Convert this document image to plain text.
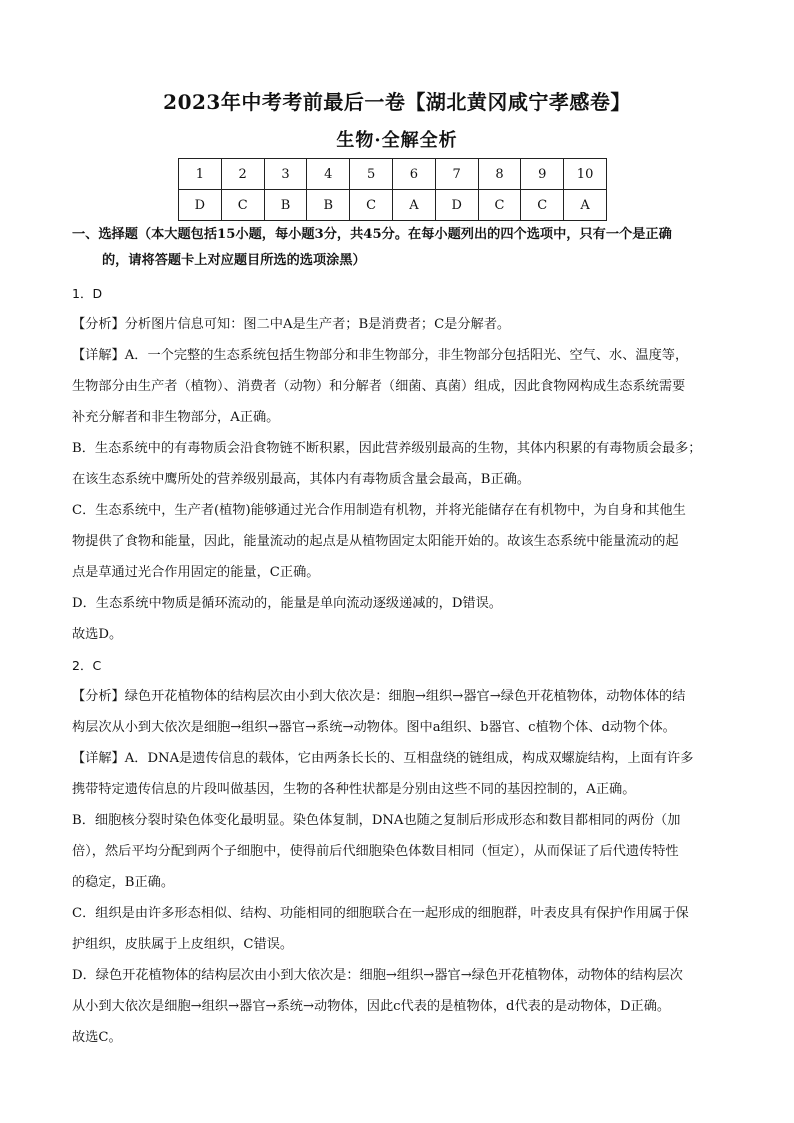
2023年中考考前最后一卷【湖北黄冈咸宁孝感卷】
生物·全解全析
1	2	3	4	5	6	7	8	9	10
D	C	B	B	C	A	D	C	C	A

一、选择题（本大题包括15小题，每小题3分，共45分。在每小题列出的四个选项中，只有一个是正确
的，请将答题卡上对应题目所选的选项涂黑）

1．D

【分析】分析图片信息可知：图二中A是生产者；B是消费者；C是分解者。

【详解】A．一个完整的生态系统包括生物部分和非生物部分，非生物部分包括阳光、空气、水、温度等，

生物部分由生产者（植物）、消费者（动物）和分解者（细菌、真菌）组成，因此食物网构成生态系统需要

补充分解者和非生物部分，A正确。

B．生态系统中的有毒物质会沿食物链不断积累，因此营养级别最高的生物，其体内积累的有毒物质会最多；

在该生态系统中鹰所处的营养级别最高，其体内有毒物质含量会最高，B正确。

C．生态系统中，生产者(植物)能够通过光合作用制造有机物，并将光能储存在有机物中，为自身和其他生

物提供了食物和能量，因此，能量流动的起点是从植物固定太阳能开始的。故该生态系统中能量流动的起

点是草通过光合作用固定的能量，C正确。

D．生态系统中物质是循环流动的，能量是单向流动逐级递减的，D错误。

故选D。

2．C

【分析】绿色开花植物体的结构层次由小到大依次是：细胞→组织→器官→绿色开花植物体，动物体体的结

构层次从小到大依次是细胞→组织→器官→系统→动物体。图中a组织、b器官、c植物个体、d动物个体。

【详解】A．DNA是遗传信息的载体，它由两条长长的、互相盘绕的链组成，构成双螺旋结构，上面有许多

携带特定遗传信息的片段叫做基因，生物的各种性状都是分别由这些不同的基因控制的，A正确。

B．细胞核分裂时染色体变化最明显。染色体复制，DNA也随之复制后形成形态和数目都相同的两份（加

倍），然后平均分配到两个子细胞中，使得前后代细胞染色体数目相同（恒定），从而保证了后代遗传特性

的稳定，B正确。

C．组织是由许多形态相似、结构、功能相同的细胞联合在一起形成的细胞群，叶表皮具有保护作用属于保

护组织，皮肤属于上皮组织，C错误。

D．绿色开花植物体的结构层次由小到大依次是：细胞→组织→器官→绿色开花植物体，动物体的结构层次

从小到大依次是细胞→组织→器官→系统→动物体，因此c代表的是植物体，d代表的是动物体，D正确。

故选C。
